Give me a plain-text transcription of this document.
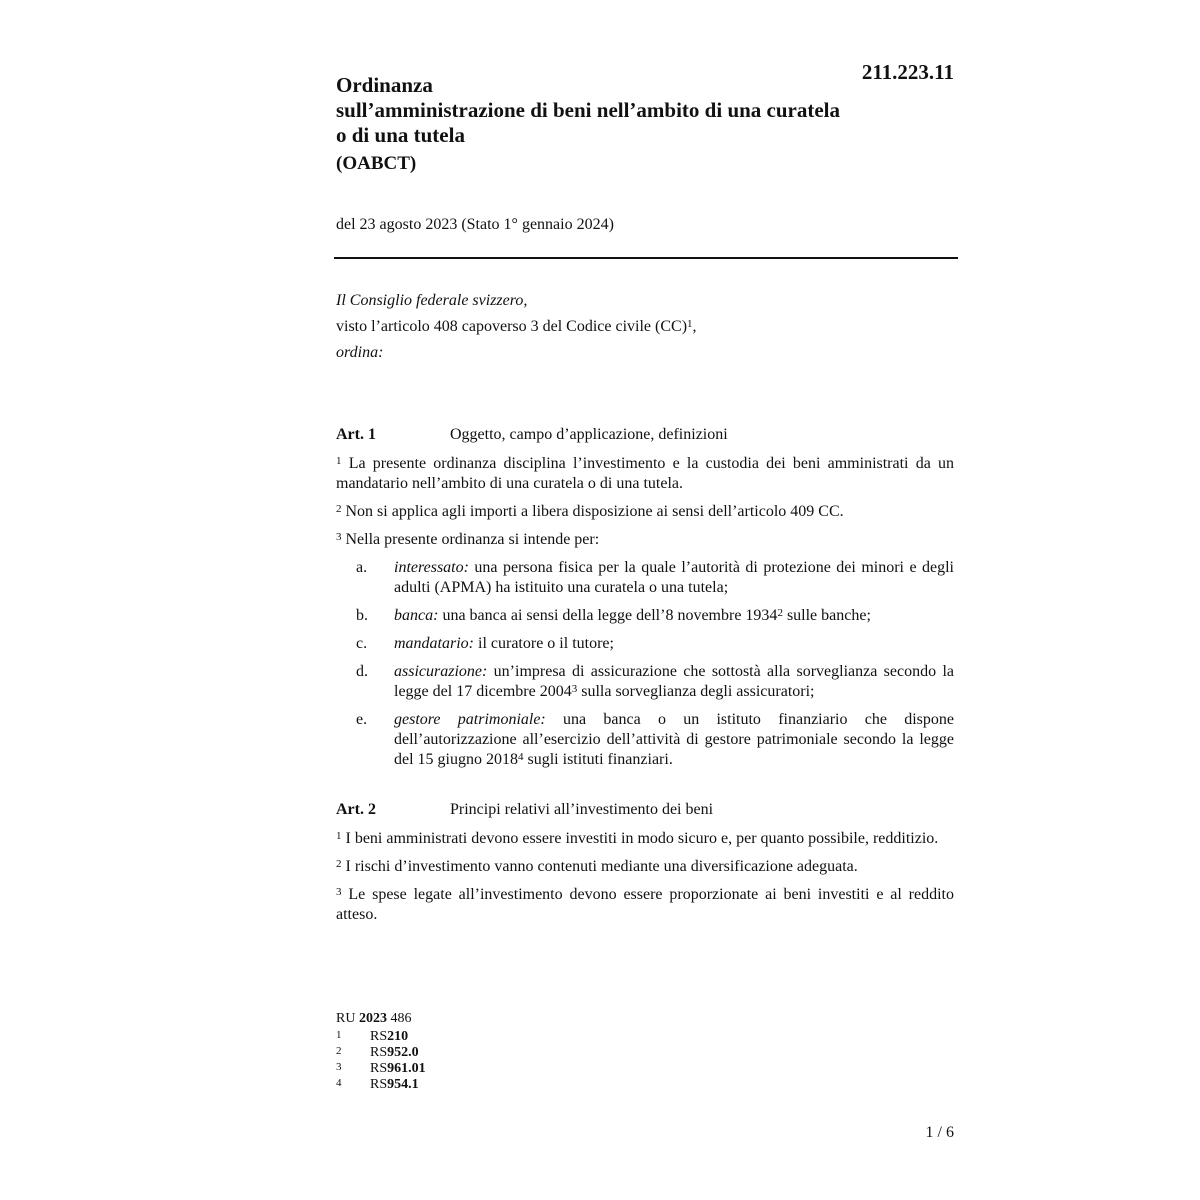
211.223.11
Ordinanza
sull’amministrazione di beni nell’ambito di una curatela
o di una tutela
(OABCT)
del 23 agosto 2023 (Stato 1° gennaio 2024)
Il Consiglio federale svizzero,
visto l’articolo 408 capoverso 3 del Codice civile (CC)$^1$,
ordina:
Art. 1	Oggetto, campo d’applicazione, definizioni

$^1$ La presente ordinanza disciplina l’investimento e la custodia dei beni amministrati da un mandatario nell’ambito di una curatela o di una tutela.

$^2$ Non si applica agli importi a libera disposizione ai sensi dell’articolo 409 CC.

$^3$ Nella presente ordinanza si intende per:

a.	interessato: una persona fisica per la quale l’autorità di protezione dei minori e degli adulti (APMA) ha istituito una curatela o una tutela;
b.	banca: una banca ai sensi della legge dell’8 novembre 1934$^2$ sulle banche;
c.	mandatario: il curatore o il tutore;
d.	assicurazione: un’impresa di assicurazione che sottostà alla sorveglianza secondo la legge del 17 dicembre 2004$^3$ sulla sorveglianza degli assicuratori;
e.	gestore patrimoniale: una banca o un istituto finanziario che dispone dell’autorizzazione all’esercizio dell’attività di gestore patrimoniale secondo la legge del 15 giugno 2018$^4$ sugli istituti finanziari.
Art. 2	Principi relativi all’investimento dei beni

$^1$ I beni amministrati devono essere investiti in modo sicuro e, per quanto possibile, redditizio.

$^2$ I rischi d’investimento vanno contenuti mediante una diversificazione adeguata.

$^3$ Le spese legate all’investimento devono essere proporzionate ai beni investiti e al reddito atteso.

RU 2023 486
1	RS 210
2	RS 952.0
3	RS 961.01
4	RS 954.1
1 / 6
